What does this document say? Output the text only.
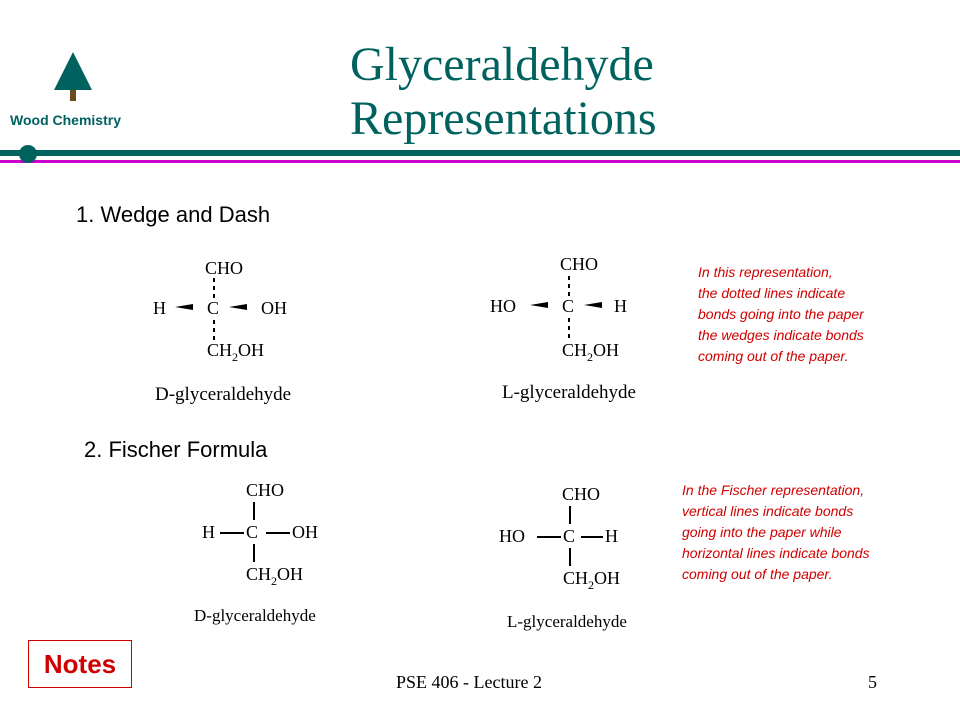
Wood Chemistry
Glyceraldehyde
Representations
1. Wedge and Dash
CHO
H C OH
$CH_2OH$
D-glyceraldehyde
CHO
HO	C H
$CH_2OH$
L-glyceraldehyde
In this representation,
the dotted lines indicate
bonds going into the paper
the wedges indicate bonds
coming out of the paper.
2. Fischer Formula
CHO
H C OH
$CH_2OH$
D-glyceraldehyde
CHO
HO C H
$CH_2OH$
L-glyceraldehyde
In the Fischer representation,
vertical lines indicate bonds
going into the paper while
horizontal lines indicate bonds
coming out of the paper.
Notes
PSE 406 - Lecture 2	5
